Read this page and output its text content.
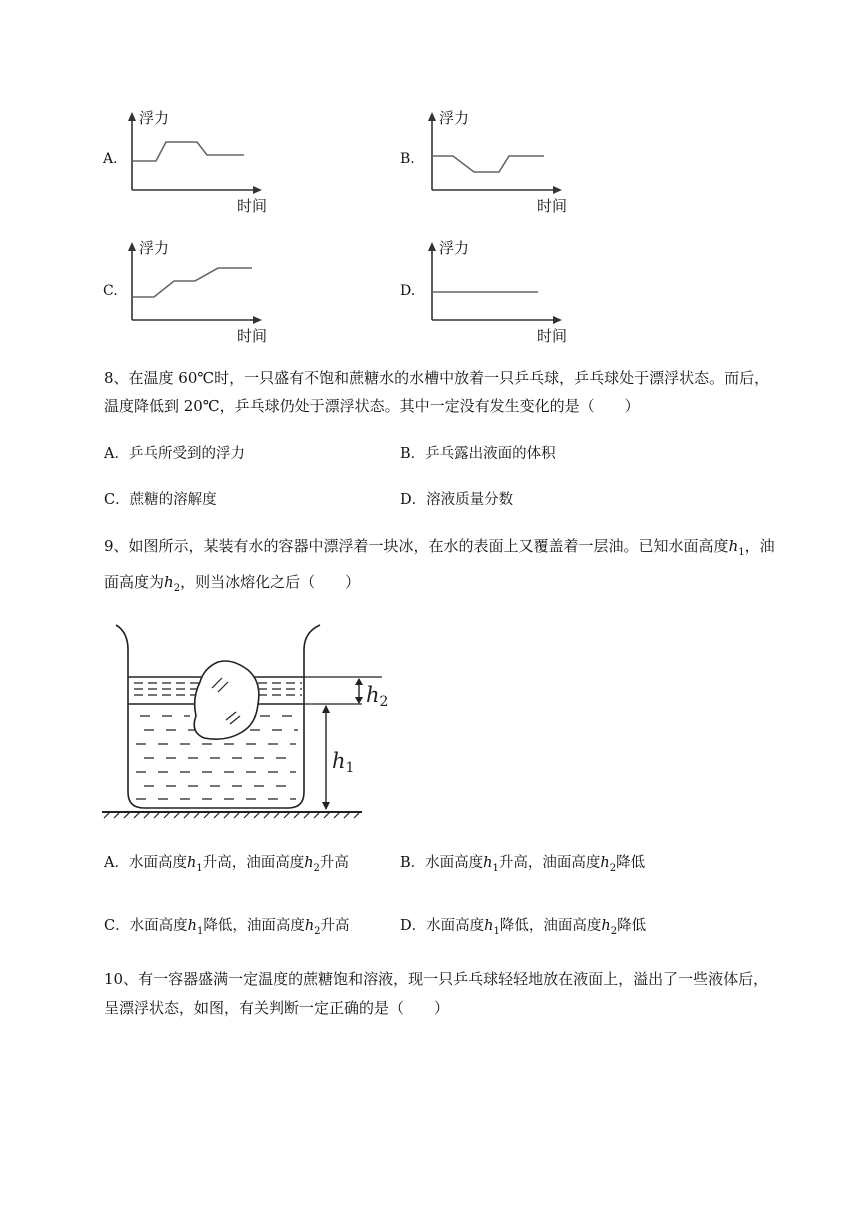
A.
浮力
时间
B.
浮力
时间
C.
浮力
时间
D.
浮力
时间
8、在温度 60℃时，一只盛有不饱和蔗糖水的水槽中放着一只乒乓球，乒乓球处于漂浮状态。而后，
温度降低到 20℃，乒乓球仍处于漂浮状态。其中一定没有发生变化的是（　　）
A．乒乓所受到的浮力	B．乒乓露出液面的体积
C．蔗糖的溶解度	D．溶液质量分数
9、如图所示，某装有水的容器中漂浮着一块冰，在水的表面上又覆盖着一层油。已知水面高度$h_1$，油
面高度为$h_2$，则当冰熔化之后（　　）
h2
h1
A．水面高度$h_1$升高，油面高度$h_2$升高	B．水面高度$h_1$升高，油面高度$h_2$降低
C．水面高度$h_1$降低，油面高度$h_2$升高	D．水面高度$h_1$降低，油面高度$h_2$降低
10、有一容器盛满一定温度的蔗糖饱和溶液，现一只乒乓球轻轻地放在液面上，溢出了一些液体后，
呈漂浮状态，如图，有关判断一定正确的是（　　）
